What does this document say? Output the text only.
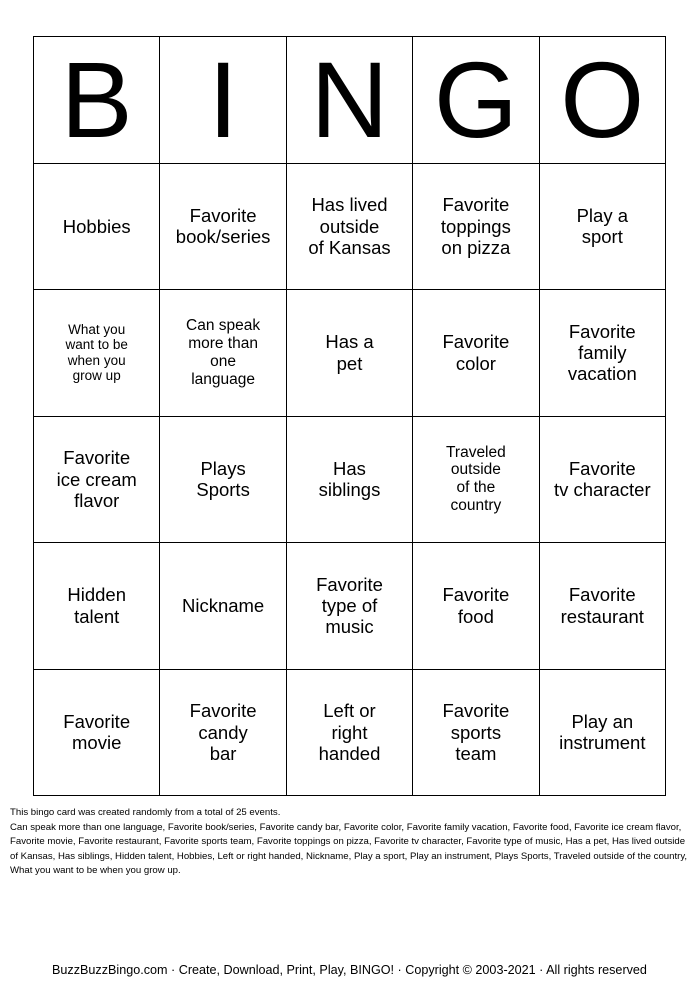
B I N G O
Hobbies
Favorite
book/series
Has lived
outside
of Kansas
Favorite
toppings
on pizza
Play a
sport
What you
want to be
when you
grow up
Can speak
more than
one
language
Has a
pet
Favorite
color
Favorite
family
vacation
Favorite
ice cream
flavor
Plays
Sports
Has
siblings
Traveled
outside
of the
country
Favorite
tv character
Hidden
talent
Nickname
Favorite
type of
music
Favorite
food
Favorite
restaurant
Favorite
movie
Favorite
candy
bar
Left or
right
handed
Favorite
sports
team
Play an
instrument
This bingo card was created randomly from a total of 25 events.
Can speak more than one language, Favorite book/series, Favorite candy bar, Favorite color, Favorite family vacation, Favorite food, Favorite ice cream flavor, Favorite movie, Favorite restaurant, Favorite sports team, Favorite toppings on pizza, Favorite tv character, Favorite type of music, Has a pet, Has lived outside of Kansas, Has siblings, Hidden talent, Hobbies, Left or right handed, Nickname, Play a sport, Play an instrument, Plays Sports, Traveled outside of the country, What you want to be when you grow up.
BuzzBuzzBingo.com · Create, Download, Print, Play, BINGO! · Copyright © 2003-2021 · All rights reserved
